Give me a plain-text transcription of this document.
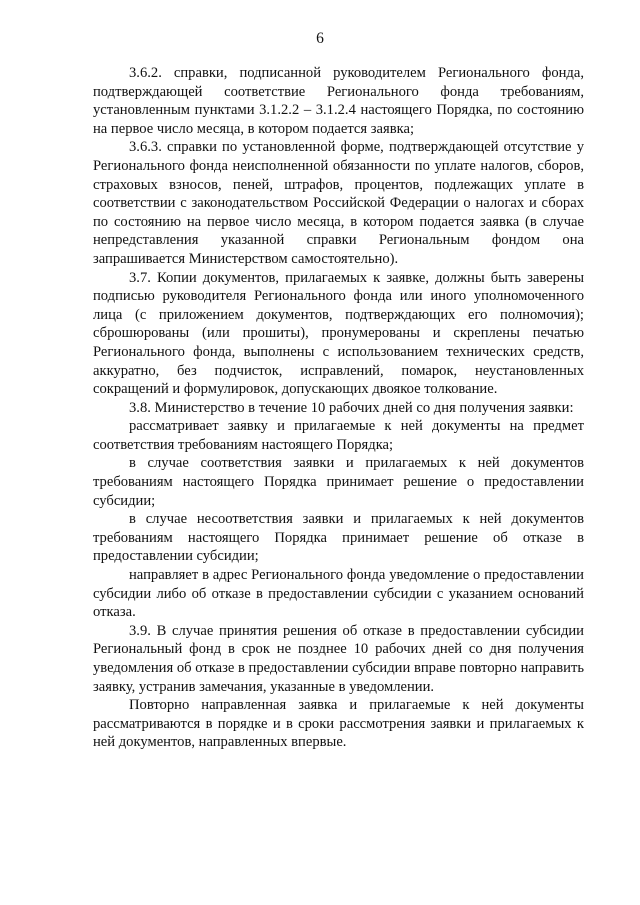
6

3.6.2. справки, подписанной руководителем Регионального фонда, подтверждающей соответствие Регионального фонда требованиям, установленным пунктами 3.1.2.2 – 3.1.2.4 настоящего Порядка, по состоянию на первое число месяца, в котором подается заявка;

3.6.3. справки по установленной форме, подтверждающей отсутствие у Регионального фонда неисполненной обязанности по уплате налогов, сборов, страховых взносов, пеней, штрафов, процентов, подлежащих уплате в соответствии с законодательством Российской Федерации о налогах и сборах по состоянию на первое число месяца, в котором подается заявка (в случае непредставления указанной справки Региональным фондом она запрашивается Министерством самостоятельно).

3.7. Копии документов, прилагаемых к заявке, должны быть заверены подписью руководителя Регионального фонда или иного уполномоченного лица (с приложением документов, подтверждающих его полномочия); сброшюрованы (или прошиты), пронумерованы и скреплены печатью Регионального фонда, выполнены с использованием технических средств, аккуратно, без подчисток, исправлений, помарок, неустановленных сокращений и формулировок, допускающих двоякое толкование.

3.8. Министерство в течение 10 рабочих дней со дня получения заявки:

рассматривает заявку и прилагаемые к ней документы на предмет соответствия требованиям настоящего Порядка;

в случае соответствия заявки и прилагаемых к ней документов требованиям настоящего Порядка принимает решение о предоставлении субсидии;

в случае несоответствия заявки и прилагаемых к ней документов требованиям настоящего Порядка принимает решение об отказе в предоставлении субсидии;

направляет в адрес Регионального фонда уведомление о предоставлении субсидии либо об отказе в предоставлении субсидии с указанием оснований отказа.

3.9. В случае принятия решения об отказе в предоставлении субсидии Региональный фонд в срок не позднее 10 рабочих дней со дня получения уведомления об отказе в предоставлении субсидии вправе повторно направить заявку, устранив замечания, указанные в уведомлении.

Повторно направленная заявка и прилагаемые к ней документы рассматриваются в порядке и в сроки рассмотрения заявки и прилагаемых к ней документов, направленных впервые.
